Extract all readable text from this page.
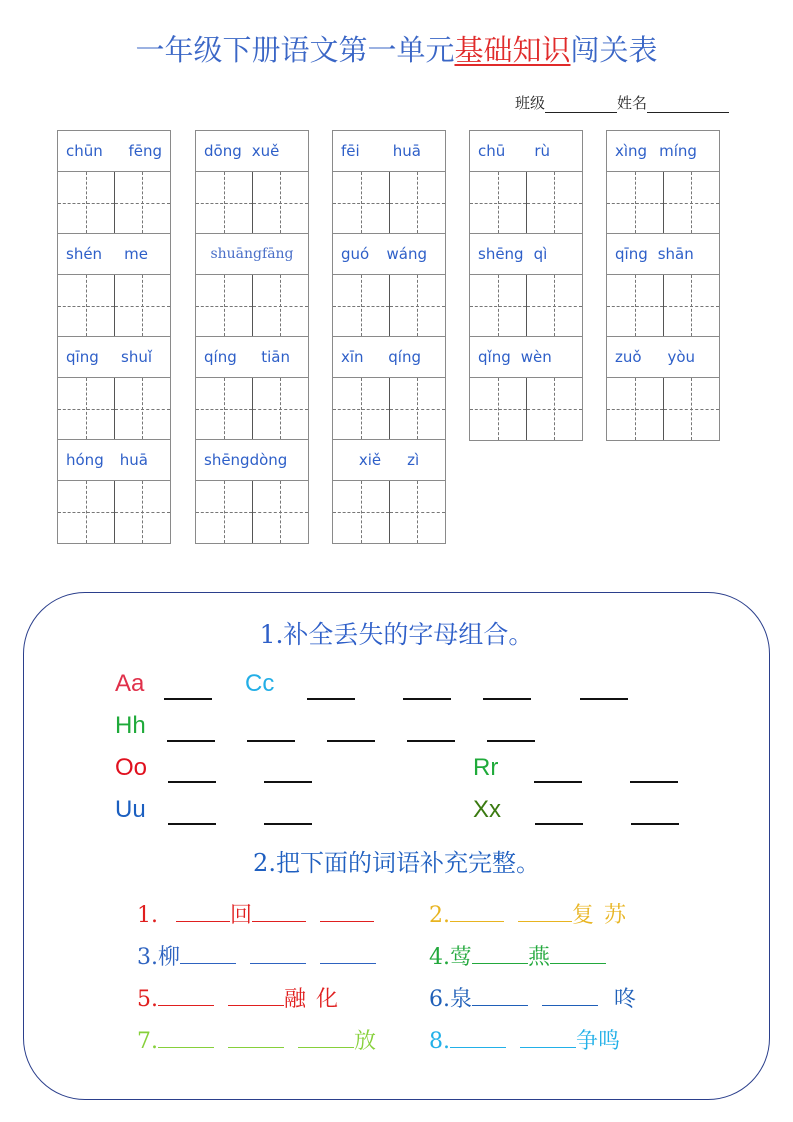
一年级下册语文第一单元基础知识闯关表
班级	姓名
chūn fēng
shén me
qīng shuǐ
hóng huā
dōng xuě
shuāngfāng
qíng tiān
shēngdòng
fēi huā
guó wáng
xīn qíng
xiě zì
chū rù
shēng qì
qǐng wèn
xìng míng
qīng shān
zuǒ yòu
1.补全丢失的字母组合。
Aa	Cc
Hh
Oo	Rr
Uu	Xx
2.把下面的词语补充完整。
1.	回	2.	复 苏
3.柳	4.莺	燕
5.	融 化	6.泉	咚
7.	放 8.	争鸣
